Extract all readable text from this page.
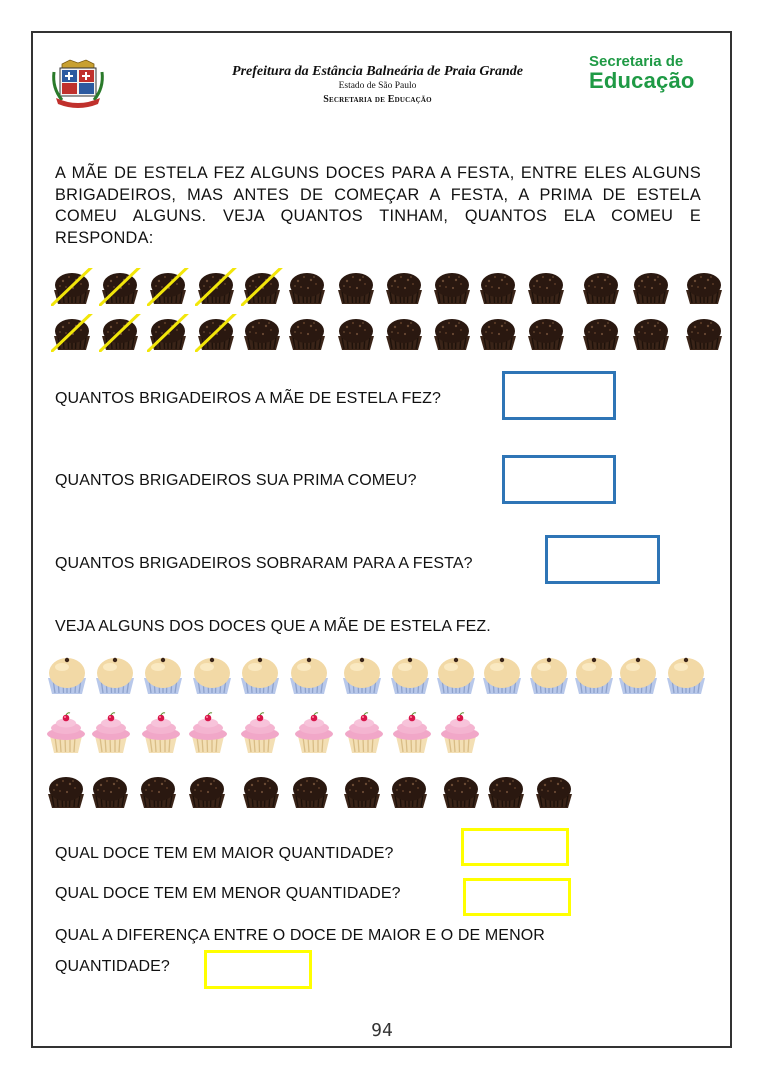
Prefeitura da Estância Balneária de Praia Grande
Estado de São Paulo
Secretaria de Educação
Secretaria de
Educação
A MÃE DE ESTELA FEZ ALGUNS DOCES PARA A FESTA, ENTRE ELES ALGUNS BRIGADEIROS, MAS ANTES DE COMEÇAR A FESTA, A PRIMA DE ESTELA COMEU ALGUNS. VEJA QUANTOS TINHAM, QUANTOS ELA COMEU E RESPONDA:
QUANTOS BRIGADEIROS A MÃE DE ESTELA FEZ?
QUANTOS BRIGADEIROS SUA PRIMA COMEU?
QUANTOS BRIGADEIROS SOBRARAM PARA A FESTA?
VEJA ALGUNS DOS DOCES QUE A MÃE DE ESTELA FEZ.
QUAL DOCE TEM EM MAIOR QUANTIDADE?
QUAL DOCE TEM EM MENOR QUANTIDADE?
QUAL A DIFERENÇA ENTRE O DOCE DE MAIOR E O DE MENOR
QUANTIDADE?
94
